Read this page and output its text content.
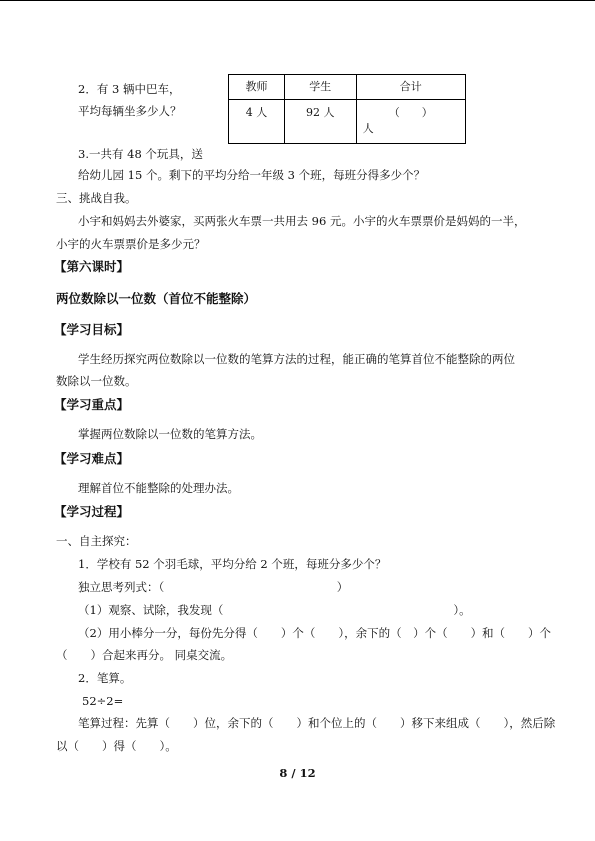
2．有 3 辆中巴车，
平均每辆坐多少人？
教师	学生	合计
4 人	92 人	（　　）
人
3.一共有 48 个玩具，送
给幼儿园 15 个。剩下的平均分给一年级 3 个班，每班分得多少个？
三、挑战自我。
小宇和妈妈去外婆家，买两张火车票一共用去 96 元。小宇的火车票票价是妈妈的一半，
小宇的火车票票价是多少元？
【第六课时】
两位数除以一位数（首位不能整除）
【学习目标】
学生经历探究两位数除以一位数的笔算方法的过程，能正确的笔算首位不能整除的两位
数除以一位数。
【学习重点】
掌握两位数除以一位数的笔算方法。
【学习难点】
理解首位不能整除的处理办法。
【学习过程】
一、自主探究：
1．学校有 52 个羽毛球，平均分给 2 个班，每班分多少个？
独立思考列式：（　　　　　　　　　　　　　　　）
（1）观察、试除，我发现（　　　　　　　　　　　　　　　　　　　　）。
（2）用小棒分一分，每份先分得（　　）个（　　），余下的（　）个（　　）和（　　）个
（　　）合起来再分。 同桌交流。
2．笔算。
52÷2=
笔算过程：先算（　　）位，余下的（　　）和个位上的（　　）移下来组成（　　），然后除
以（　　）得（　　）。
8 / 12
